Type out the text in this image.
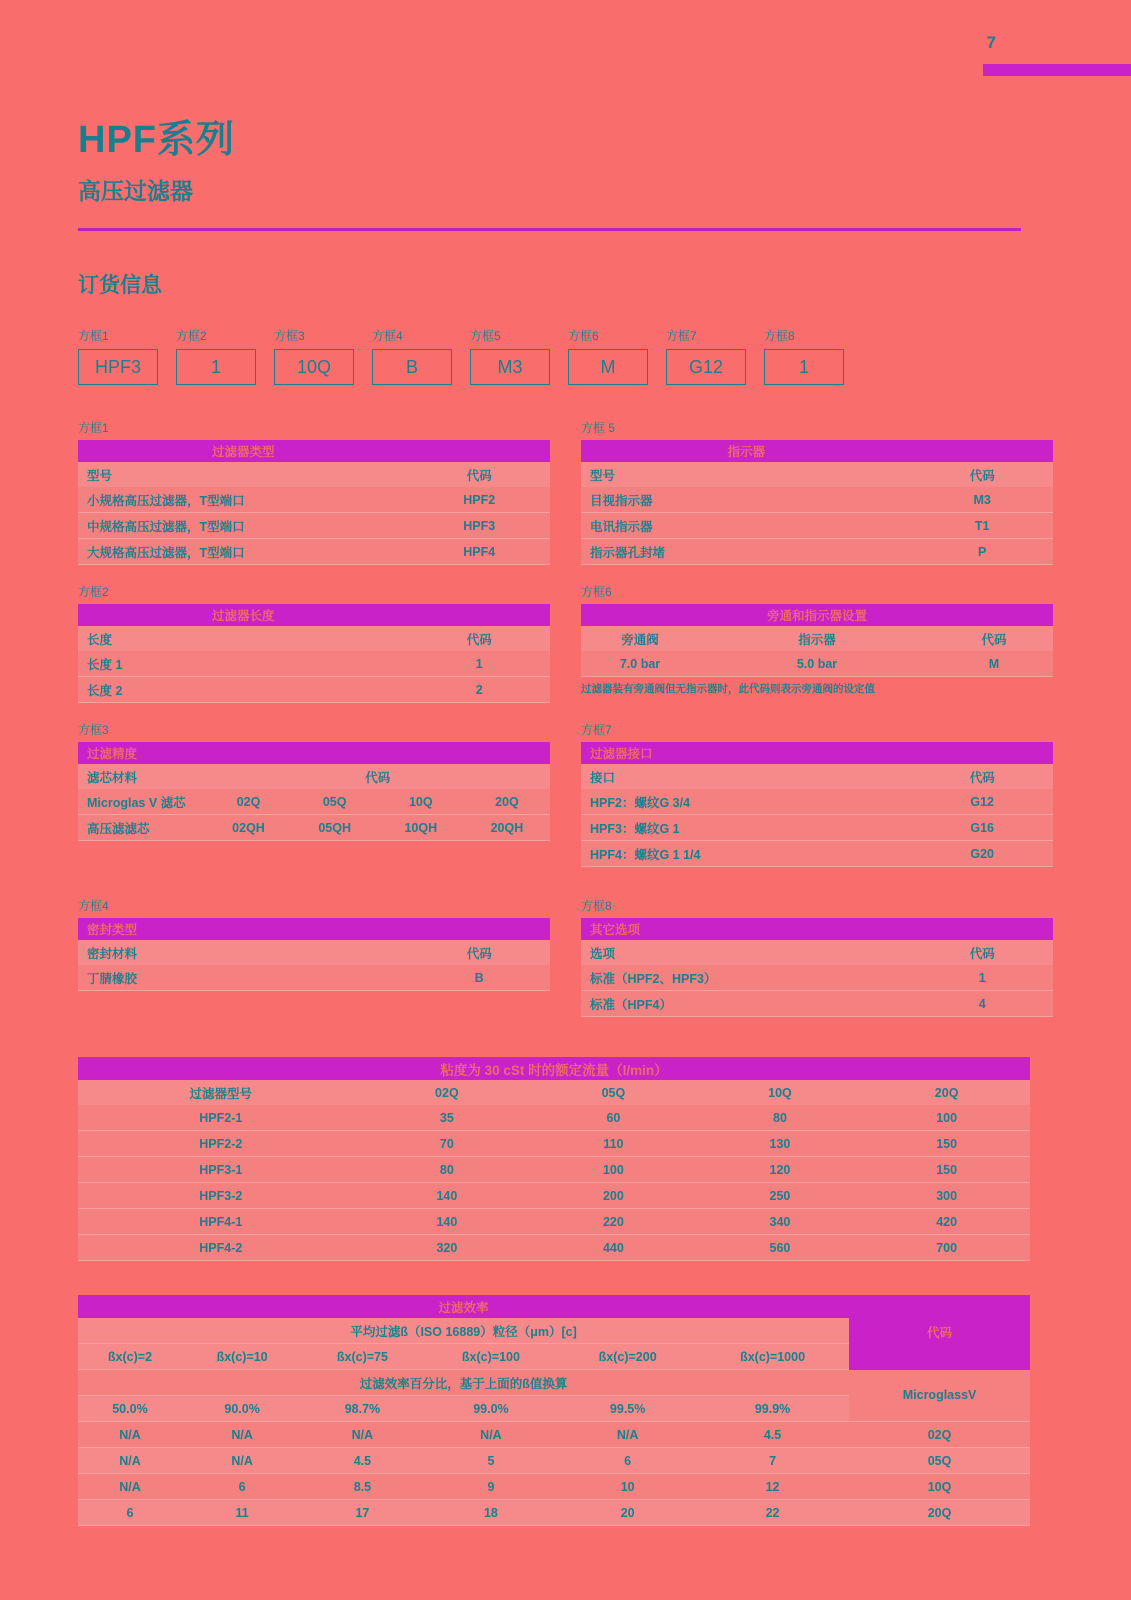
7
HPF系列
高压过滤器
订货信息
方框1
HPF3
方框2
1
方框3
10Q
方框4
B
方框5
M3
方框6
M
方框7
G12
方框8
1
方框1
过滤器类型	
型号	代码
小规格高压过滤器，T型端口	HPF2
中规格高压过滤器，T型端口	HPF3
大规格高压过滤器，T型端口	HPF4
方框 5
指示器	
型号	代码
目视指示器	M3
电讯指示器	T1
指示器孔封堵	P
方框2
过滤器长度	
长度	代码
长度 1	1
长度 2	2
方框6
	旁通和指示器设置	
旁通阀	指示器	代码
7.0 bar	5.0 bar	M
过滤器装有旁通阀但无指示器时，此代码则表示旁通阀的设定值
方框3
过滤精度				
滤芯材料	代码			
Microglas V 滤芯	02Q	05Q	10Q	20Q
高压滤滤芯	02QH	05QH	10QH	20QH
方框7
过滤器接口	
接口	代码
HPF2：螺纹G 3/4	G12
HPF3：螺纹G 1	G16
HPF4：螺纹G 1 1/4	G20
方框4
密封类型	
密封材料	代码
丁腈橡胶	B
方框8
其它选项	
选项	代码
标准（HPF2、HPF3）	1
标准（HPF4）	4
粘度为 30 cSt 时的额定流量（l/min）				
过滤器型号	02Q	05Q	10Q	20Q
HPF2-1	35	60	80	100
HPF2-2	70	110	130	150
HPF3-1	80	100	120	150
HPF3-2	140	200	250	300
HPF4-1	140	220	340	420
HPF4-2	320	440	560	700
过滤效率						代码
平均过滤ß（ISO 16889）粒径（μm）[c]						
ßx(c)=2	ßx(c)=10	ßx(c)=75	ßx(c)=100	ßx(c)=200	ßx(c)=1000	
过滤效率百分比，基于上面的ß值换算						MicroglassV
50.0%	90.0%	98.7%	99.0%	99.5%	99.9%	
N/A	N/A	N/A	N/A	N/A	4.5	02Q
N/A	N/A	4.5	5	6	7	05Q
N/A	6	8.5	9	10	12	10Q
6	11	17	18	20	22	20Q
